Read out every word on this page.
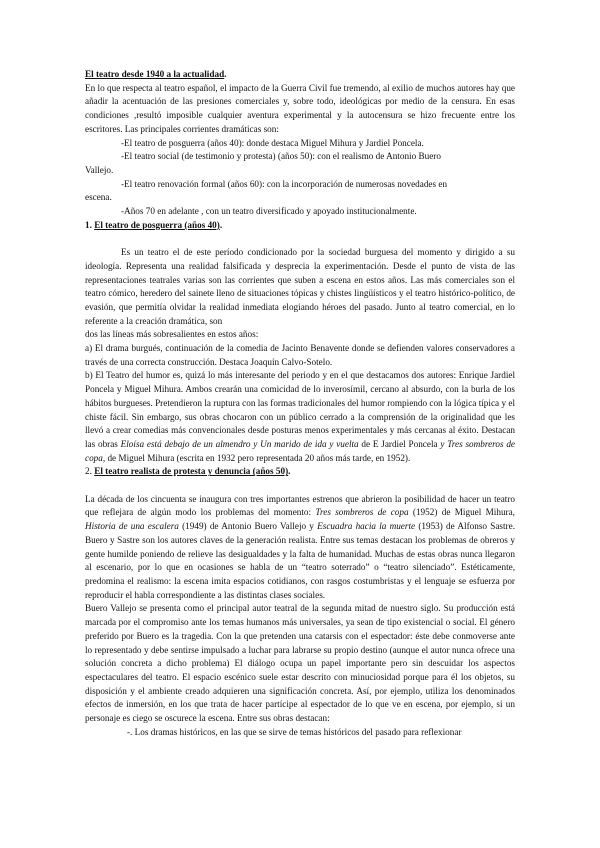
El teatro desde 1940 a la actualidad.

En lo que respecta al teatro español, el impacto de la Guerra Civil fue tremendo, al exilio de muchos autores hay que añadir la acentuación de las presiones comerciales y, sobre todo, ideológicas por medio de la censura. En esas condiciones ,resultó imposible cualquier aventura experimental y la autocensura se hizo frecuente entre los escritores. Las principales corrientes dramáticas son:

-El teatro de posguerra (años 40): donde destaca Miguel Mihura y Jardiel Poncela.

-El teatro social (de testimonio y protesta) (años 50): con el realismo de Antonio Buero

Vallejo.

-El teatro renovación formal (años 60): con la incorporación de numerosas novedades en

escena.

-Años 70 en adelante , con un teatro diversificado y apoyado institucionalmente.

1. El teatro de posguerra (años 40).

Es un teatro el de este período condicionado por la sociedad burguesa del momento y dirigido a su ideología. Representa una realidad falsificada y desprecia la experimentación. Desde el punto de vista de las representaciones teatrales varias son las corrientes que suben a escena en estos años. Las más comerciales son el teatro cómico, heredero del sainete lleno de situaciones tópicas y chistes lingüísticos y el teatro histórico-político, de evasión, que permitía olvidar la realidad inmediata elogiando héroes del pasado. Junto al teatro comercial, en lo referente a la creación dramática, son

dos las líneas más sobresalientes en estos años:

a) El drama burgués, continuación de la comedia de Jacinto Benavente donde se defienden valores conservadores a través de una correcta construcción. Destaca Joaquín Calvo-Sotelo.

b) El Teatro del humor es, quizá lo más interesante del periodo y en el que destacamos dos autores: Enrique Jardiel Poncela y Miguel Mihura. Ambos crearán una comicidad de lo inverosímil, cercano al absurdo, con la burla de los hábitos burgueses. Pretendieron la ruptura con las formas tradicionales del humor rompiendo con la lógica típica y el chiste fácil. Sin embargo, sus obras chocaron con un público cerrado a la comprensión de la originalidad que les llevó a crear comedias más convencionales desde posturas menos experimentales y más cercanas al éxito. Destacan las obras Eloísa está debajo de un almendro y Un marido de ida y vuelta de E Jardiel Poncela y Tres sombreros de copa, de Miguel Mihura (escrita en 1932 pero representada 20 años más tarde, en 1952).

2. El teatro realista de protesta y denuncia (años 50).

La década de los cincuenta se inaugura con tres importantes estrenos que abrieron la posibilidad de hacer un teatro que reflejara de algún modo los problemas del momento: Tres sombreros de copa (1952) de Miguel Mihura, Historia de una escalera (1949) de Antonio Buero Vallejo y Escuadra hacia la muerte (1953) de Alfonso Sastre. Buero y Sastre son los autores claves de la generación realista. Entre sus temas destacan los problemas de obreros y gente humilde poniendo de relieve las desigualdades y la falta de humanidad. Muchas de estas obras nunca llegaron al escenario, por lo que en ocasiones se habla de un “teatro soterrado” o “teatro silenciado”. Estéticamente, predomina el realismo: la escena imita espacios cotidianos, con rasgos costumbristas y el lenguaje se esfuerza por reproducir el habla correspondiente a las distintas clases sociales.

Buero Vallejo se presenta como el principal autor teatral de la segunda mitad de nuestro siglo. Su producción está marcada por el compromiso ante los temas humanos más universales, ya sean de tipo existencial o social. El género preferido por Buero es la tragedia. Con la que pretenden una catarsis con el espectador: éste debe conmoverse ante lo representado y debe sentirse impulsado a luchar para labrarse su propio destino (aunque el autor nunca ofrece una solución concreta a dicho problema) El diálogo ocupa un papel importante pero sin descuidar los aspectos espectaculares del teatro. El espacio escénico suele estar descrito con minuciosidad porque para él los objetos, su disposición y el ambiente creado adquieren una significación concreta. Así, por ejemplo, utiliza los denominados efectos de inmersión, en los que trata de hacer partícipe al espectador de lo que ve en escena, por ejemplo, si un personaje es ciego se oscurece la escena. Entre sus obras destacan:

-. Los dramas históricos, en las que se sirve de temas históricos del pasado para reflexionar
